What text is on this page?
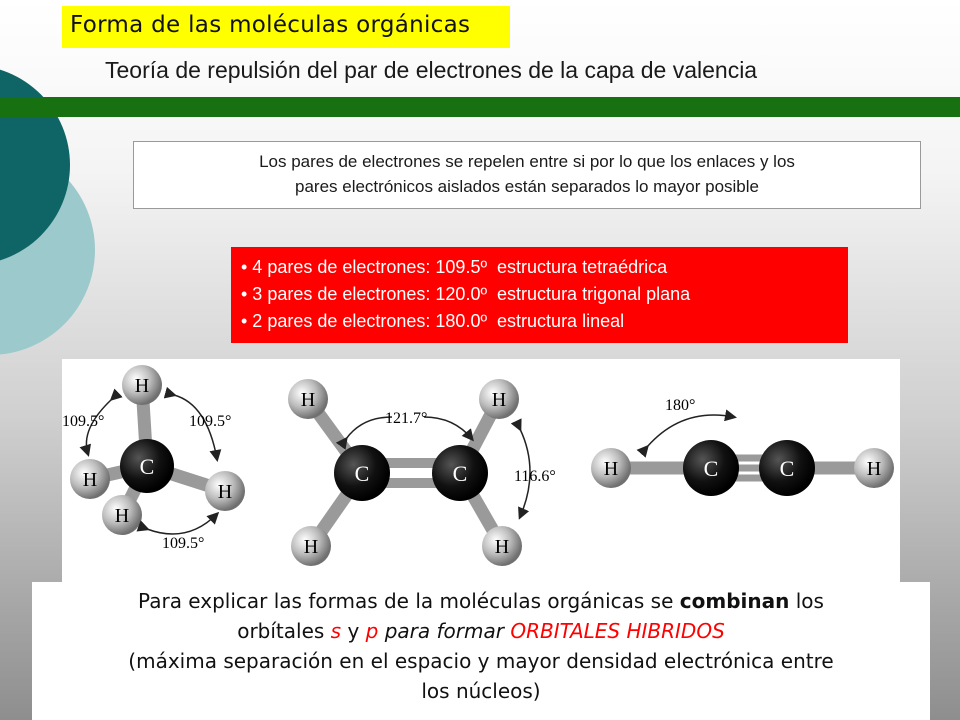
Forma de las moléculas orgánicas
Teoría de repulsión del par de electrones de la capa de valencia
Los pares de electrones se repelen entre si por lo que los enlaces y los
pares electrónicos aislados están separados lo mayor posible
• 4 pares de electrones: 109.5º  estructura tetraédrica
• 3 pares de electrones: 120.0º  estructura trigonal plana
• 2 pares de electrones: 180.0º  estructura lineal
H
H
H
H
C
109.5°	109.5°
109.5°
H
H
H
H
C	C
121.7°
116.6° H	H
C	C
180°
Para explicar las formas de la moléculas orgánicas se combinan los
orbítales s y p para formar ORBITALES HIBRIDOS
(máxima separación en el espacio y mayor densidad electrónica entre
los núcleos)
